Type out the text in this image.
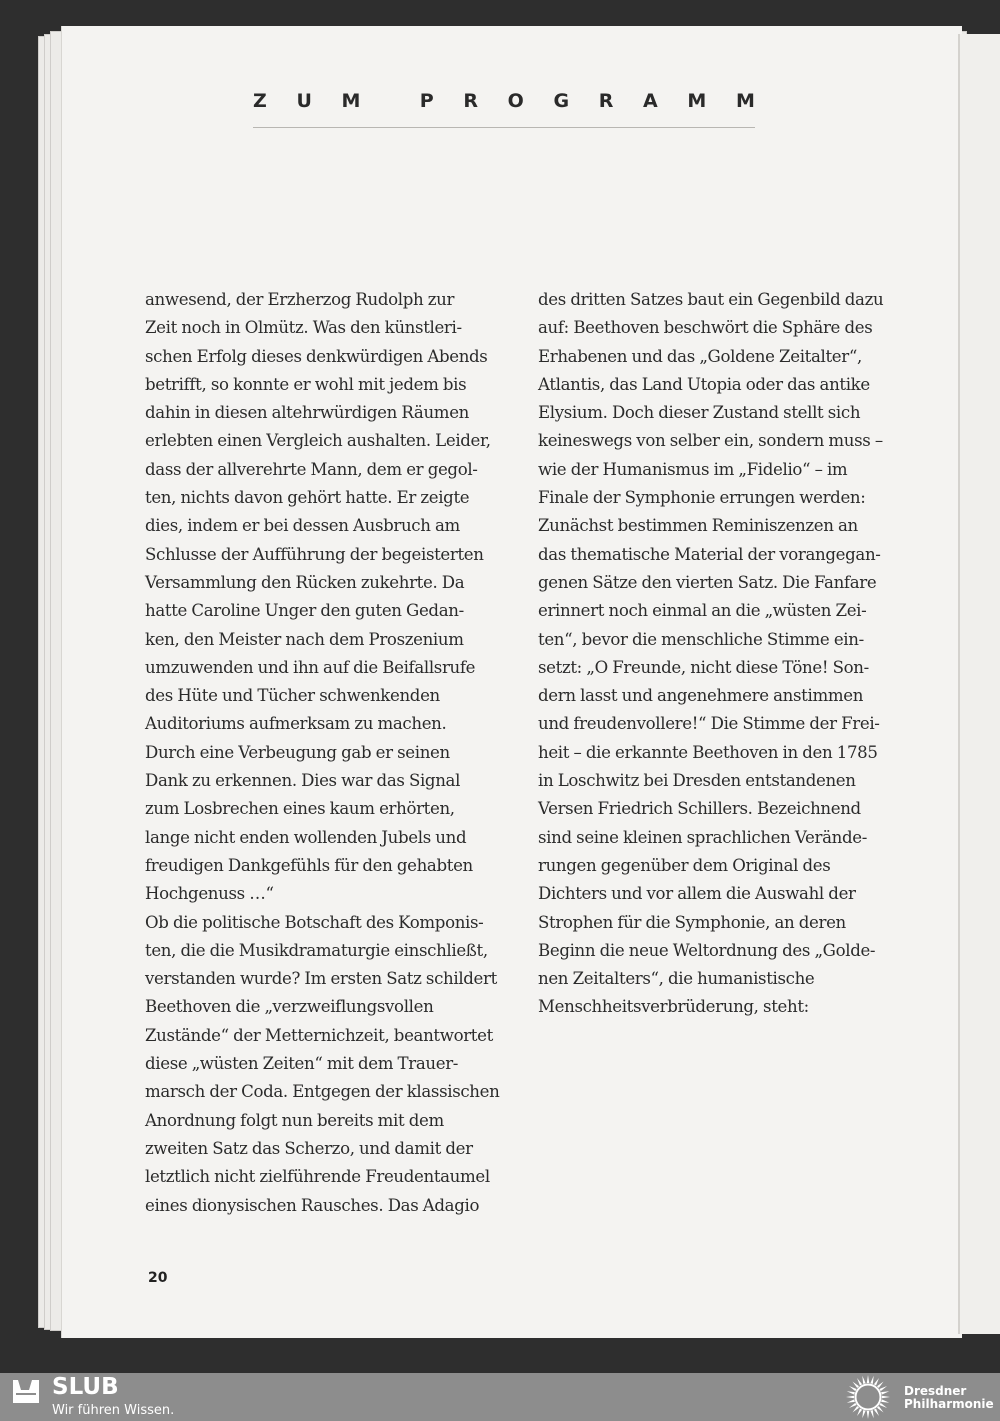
Z U M	P R O G R A M M
anwesend, der Erzherzog Rudolph zur
Zeit noch in Olmütz. Was den künstleri-
schen Erfolg dieses denkwürdigen Abends
betrifft, so konnte er wohl mit jedem bis
dahin in diesen altehrwürdigen Räumen
erlebten einen Vergleich aushalten. Leider,
dass der allverehrte Mann, dem er gegol-
ten, nichts davon gehört hatte. Er zeigte
dies, indem er bei dessen Ausbruch am
Schlusse der Aufführung der begeisterten
Versammlung den Rücken zukehrte. Da
hatte Caroline Unger den guten Gedan-
ken, den Meister nach dem Proszenium
umzuwenden und ihn auf die Beifallsrufe
des Hüte und Tücher schwenkenden
Auditoriums aufmerksam zu machen.
Durch eine Verbeugung gab er seinen
Dank zu erkennen. Dies war das Signal
zum Losbrechen eines kaum erhörten,
lange nicht enden wollenden Jubels und
freudigen Dankgefühls für den gehabten
Hochgenuss …“
Ob die politische Botschaft des Komponis-
ten, die die Musikdramaturgie einschließt,
verstanden wurde? Im ersten Satz schildert
Beethoven die „verzweiflungsvollen
Zustände“ der Metternichzeit, beantwortet
diese „wüsten Zeiten“ mit dem Trauer-
marsch der Coda. Entgegen der klassischen
Anordnung folgt nun bereits mit dem
zweiten Satz das Scherzo, und damit der
letztlich nicht zielführende Freudentaumel
eines dionysischen Rausches. Das Adagio
des dritten Satzes baut ein Gegenbild dazu
auf: Beethoven beschwört die Sphäre des
Erhabenen und das „Goldene Zeitalter“,
Atlantis, das Land Utopia oder das antike
Elysium. Doch dieser Zustand stellt sich
keineswegs von selber ein, sondern muss –
wie der Humanismus im „Fidelio“ – im
Finale der Symphonie errungen werden:
Zunächst bestimmen Reminiszenzen an
das thematische Material der vorangegan-
genen Sätze den vierten Satz. Die Fanfare
erinnert noch einmal an die „wüsten Zei-
ten“, bevor die menschliche Stimme ein-
setzt: „O Freunde, nicht diese Töne! Son-
dern lasst und angenehmere anstimmen
und freudenvollere!“ Die Stimme der Frei-
heit – die erkannte Beethoven in den 1785
in Loschwitz bei Dresden entstandenen
Versen Friedrich Schillers. Bezeichnend
sind seine kleinen sprachlichen Verände-
rungen gegenüber dem Original des
Dichters und vor allem die Auswahl der
Strophen für die Symphonie, an deren
Beginn die neue Weltordnung des „Golde-
nen Zeitalters“, die humanistische
Menschheitsverbrüderung, steht:
20
SLUB
Wir führen Wissen.
Dresdner
Philharmonie
